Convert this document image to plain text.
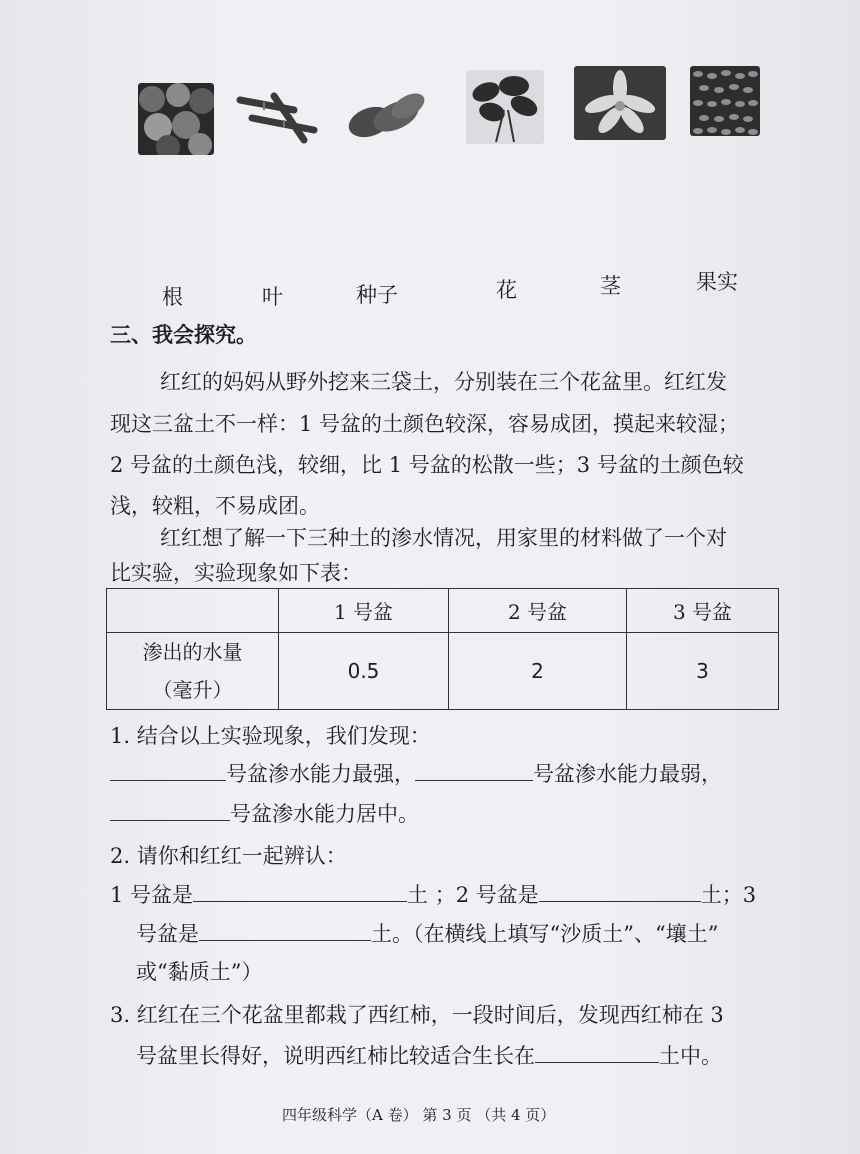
根	叶	种子	花	茎	果实
三、我会探究。
红红的妈妈从野外挖来三袋土，分别装在三个花盆里。红红发
现这三盆土不一样：1 号盆的土颜色较深，容易成团，摸起来较湿；
2 号盆的土颜色浅，较细，比 1 号盆的松散一些；3 号盆的土颜色较
浅，较粗，不易成团。
红红想了解一下三种土的渗水情况，用家里的材料做了一个对
比实验，实验现象如下表：
	1 号盆	2 号盆	3 号盆

渗出的水量
（毫升）	0.5	2	3
1. 结合以上实验现象，我们发现：
号盆渗水能力最强，	号盆渗水能力最弱，
号盆渗水能力居中。
2. 请你和红红一起辨认：
1 号盆是	土 ；2 号盆是	土；3
号盆是	土。（在横线上填写“沙质土”、“壤土”
或“黏质土”）
3. 红红在三个花盆里都栽了西红柿，一段时间后，发现西红柿在 3
号盆里长得好，说明西红柿比较适合生长在	土中。
四年级科学（A 卷） 第 3 页 （共 4 页）
